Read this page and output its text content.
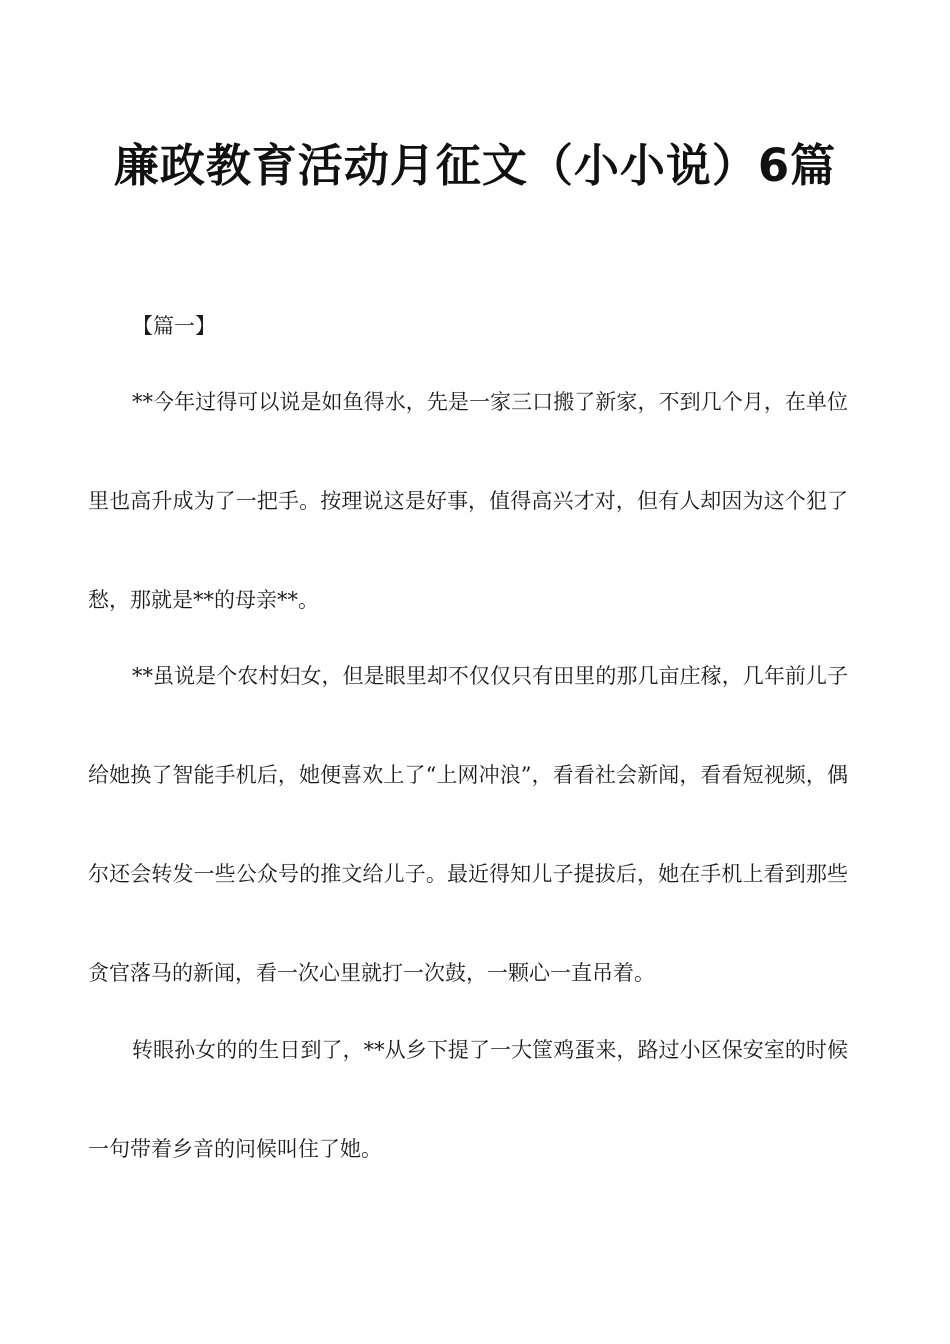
廉政教育活动月征文（小小说）6篇

【篇一】

**今年过得可以说是如鱼得水，先是一家三口搬了新家，不到几个月，在单位里也高升成为了一把手。按理说这是好事，值得高兴才对，但有人却因为这个犯了愁，那就是**的母亲**。

**虽说是个农村妇女，但是眼里却不仅仅只有田里的那几亩庄稼，几年前儿子给她换了智能手机后，她便喜欢上了“上网冲浪”，看看社会新闻，看看短视频，偶尔还会转发一些公众号的推文给儿子。最近得知儿子提拔后，她在手机上看到那些贪官落马的新闻，看一次心里就打一次鼓，一颗心一直吊着。

转眼孙女的的生日到了，**从乡下提了一大筐鸡蛋来，路过小区保安室的时候一句带着乡音的问候叫住了她。
